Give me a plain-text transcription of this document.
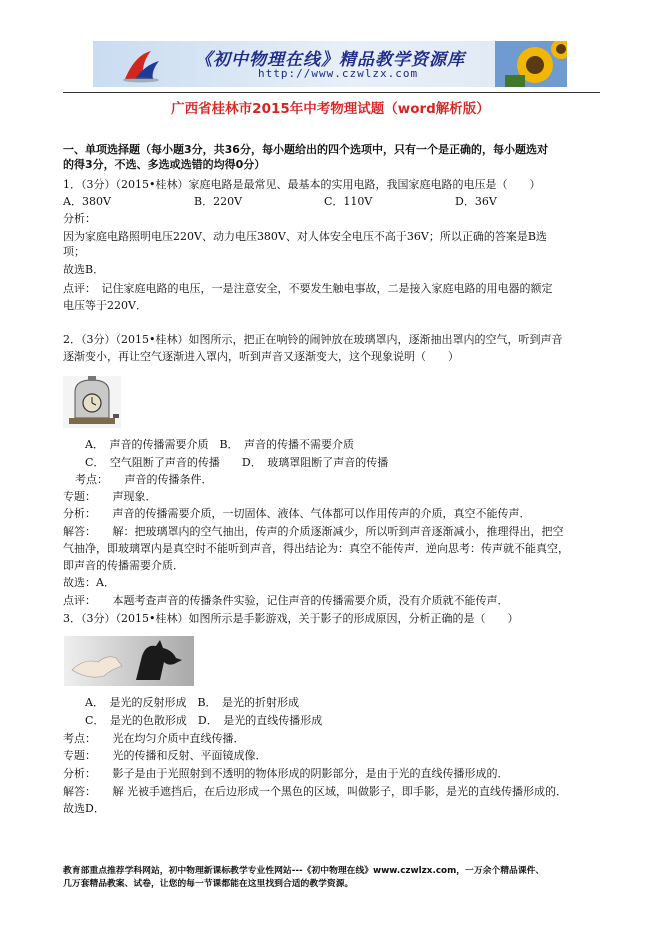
《初中物理在线》精品教学资源库
http://www.czwlzx.com
广西省桂林市2015年中考物理试题（word解析版）
一、单项选择题（每小题3分，共36分，每小题给出的四个选项中，只有一个是正确的，每小题选对
的得3分，不选、多选或选错的均得0分）
1．（3分）（2015•桂林）家庭电路是最常见、最基本的实用电路，我国家庭电路的电压是（　　）
A．380V	B．220V	C．110V	D．36V
分析：
因为家庭电路照明电压220V、动力电压380V、对人体安全电压不高于36V；所以正确的答案是B选
项；
故选B．
点评：　记住家庭电路的电压，一是注意安全，不要发生触电事故，二是接入家庭电路的用电器的额定
电压等于220V．
2．（3分）（2015•桂林）如图所示，把正在响铃的闹钟放在玻璃罩内，逐渐抽出罩内的空气，听到声音
逐渐变小，再让空气逐渐进入罩内，听到声音又逐渐变大，这个现象说明（　　）
A．　声音的传播需要介质　B．　声音的传播不需要介质
C．　空气阻断了声音的传播　　D．　玻璃罩阻断了声音的传播
考点：　　声音的传播条件．
专题：　　声现象．
分析：　　声音的传播需要介质，一切固体、液体、气体都可以作用传声的介质，真空不能传声．
解答：　　解：把玻璃罩内的空气抽出，传声的介质逐渐减少，所以听到声音逐渐减小，推理得出，把空
气抽净，即玻璃罩内是真空时不能听到声音，得出结论为：真空不能传声．逆向思考：传声就不能真空，
即声音的传播需要介质．
故选：A．
点评：　　本题考查声音的传播条件实验，记住声音的传播需要介质，没有介质就不能传声．
3．（3分）（2015•桂林）如图所示是手影游戏，关于影子的形成原因，分析正确的是（　　）
A．　是光的反射形成　B．　是光的折射形成
C．　是光的色散形成　D．　是光的直线传播形成
考点：　　光在均匀介质中直线传播．
专题：　　光的传播和反射、平面镜成像．
分析：　　影子是由于光照射到不透明的物体形成的阴影部分，是由于光的直线传播形成的．
解答：　　解 光被手遮挡后，在后边形成一个黑色的区域，叫做影子，即手影，是光的直线传播形成的．
故选D．
教育部重点推荐学科网站，初中物理新课标教学专业性网站---《初中物理在线》www.czwlzx.com，一万余个精品课件、
几万套精品教案、试卷，让您的每一节课都能在这里找到合适的教学资源。
